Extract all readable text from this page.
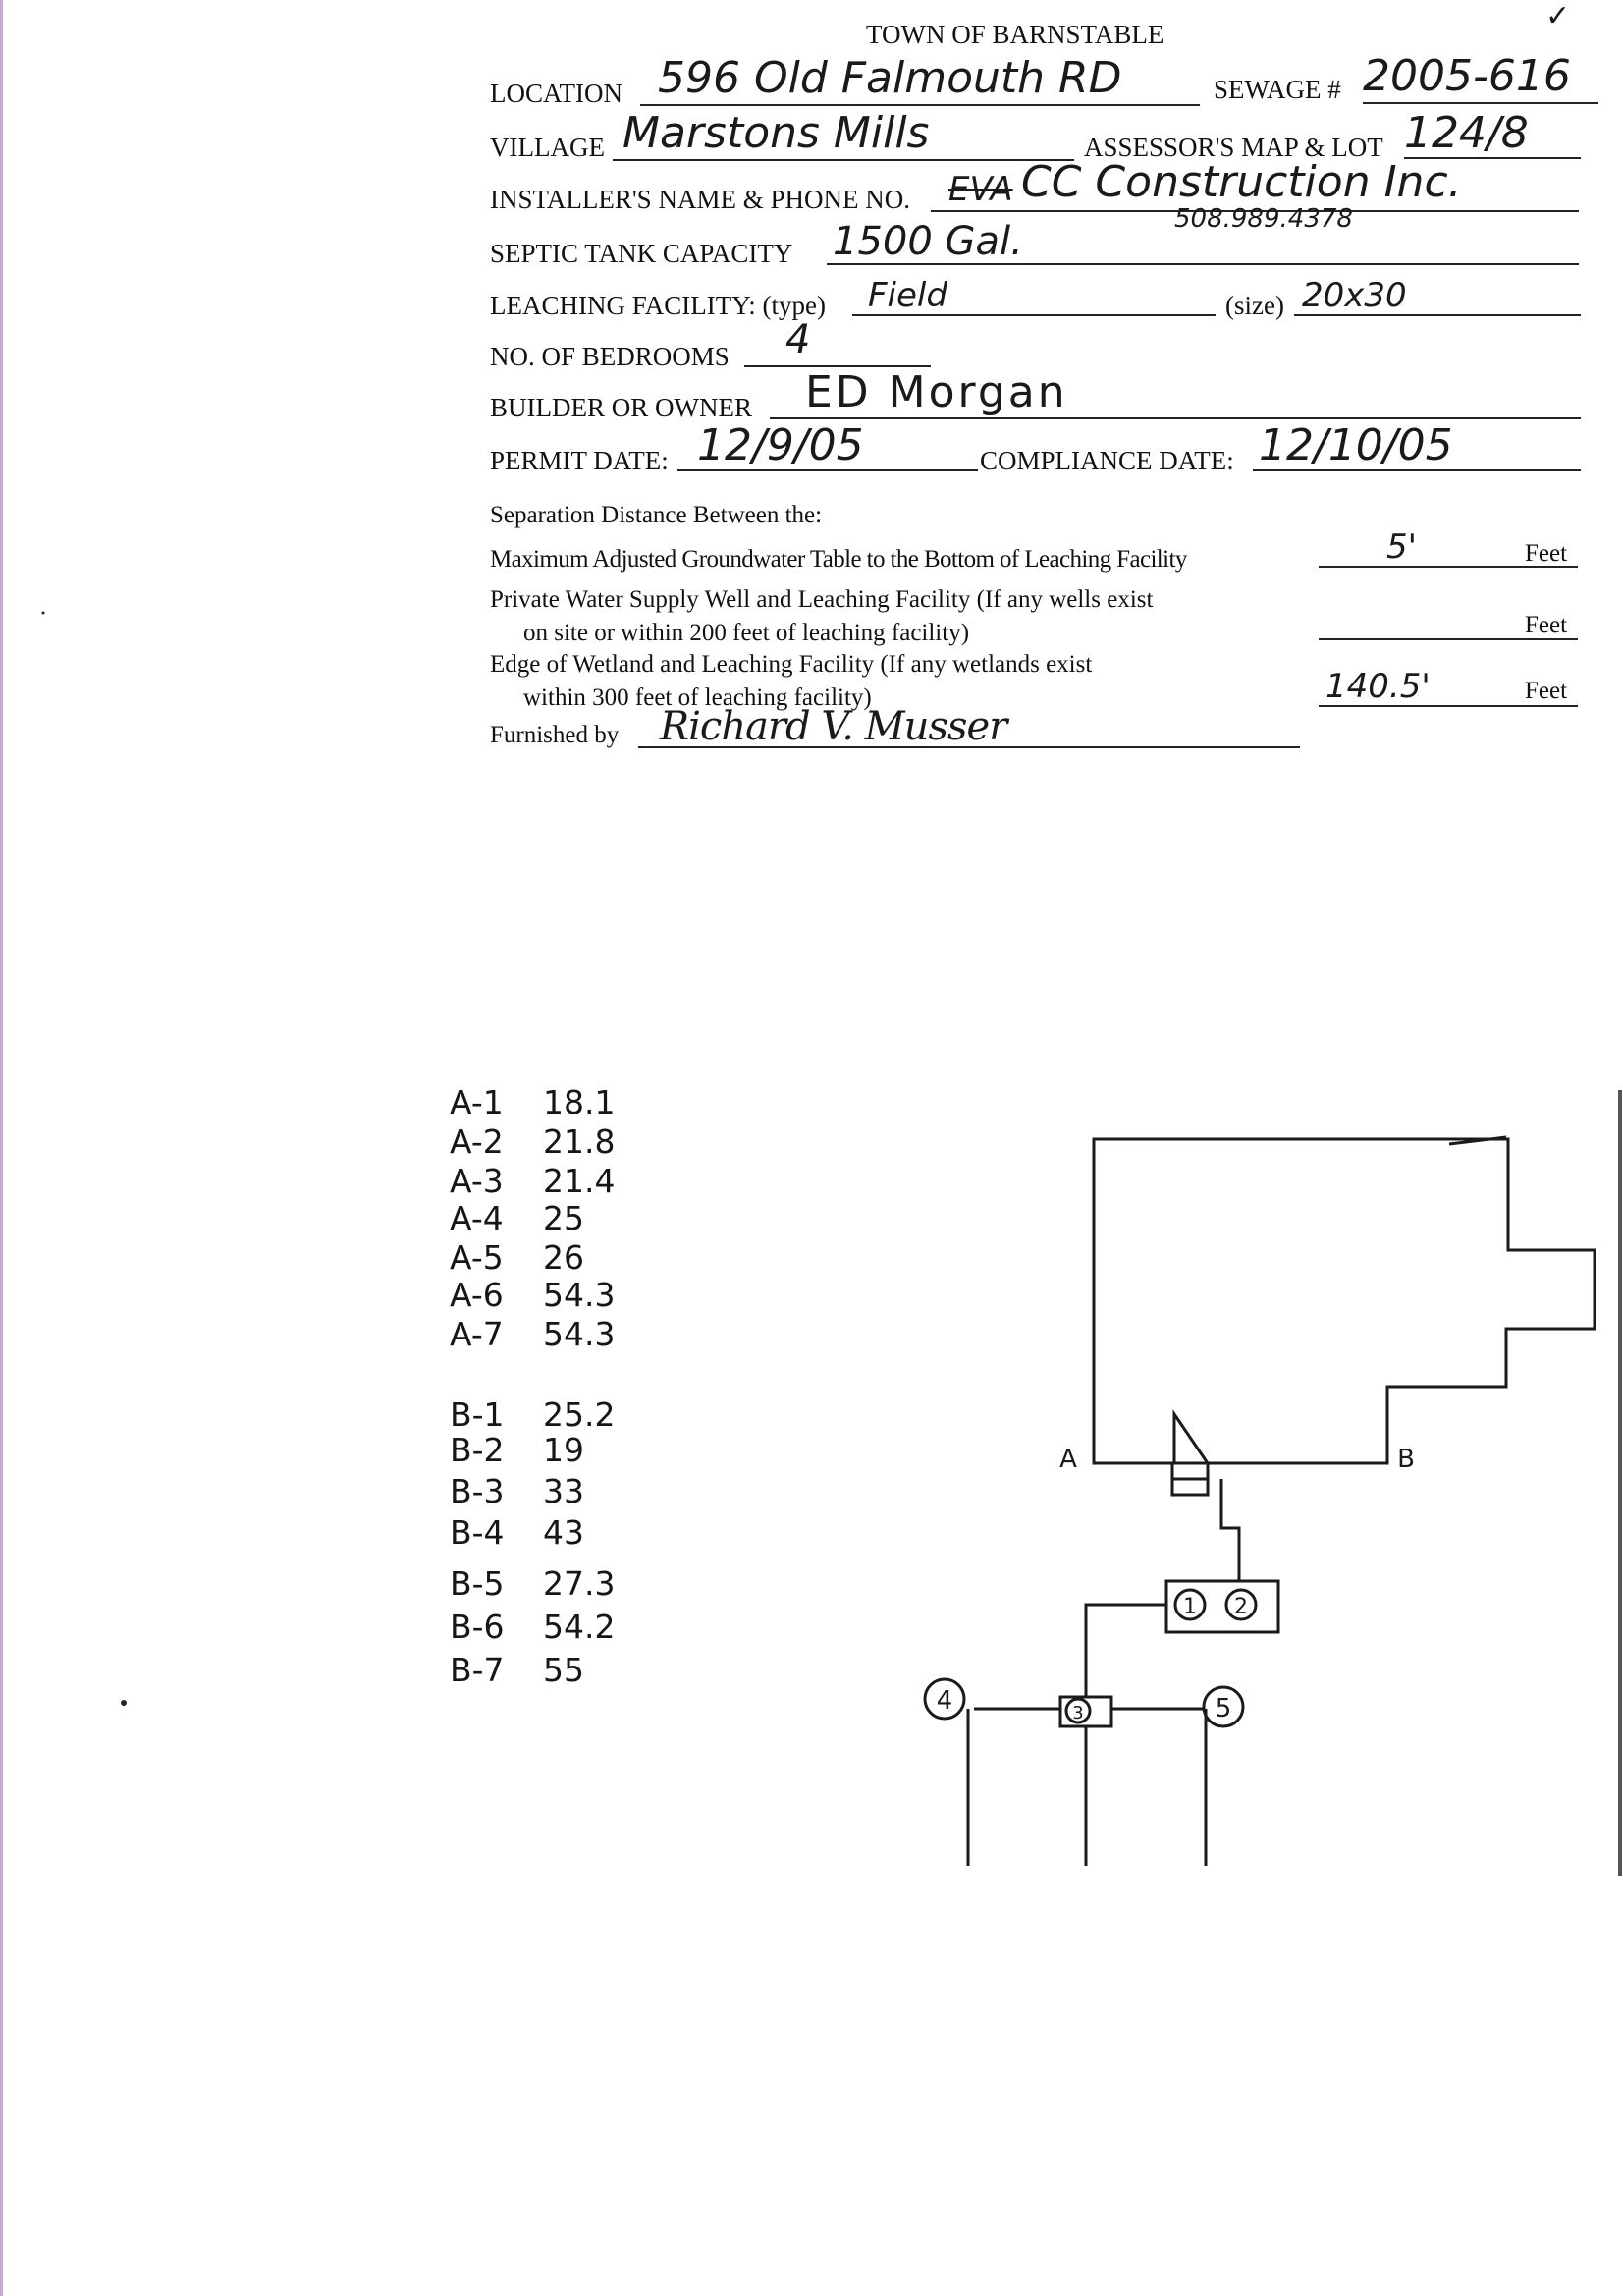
TOWN OF BARNSTABLE
✓
LOCATION 596 Old Falmouth RD	SEWAGE # 2005-616
VILLAGE Marstons Mills	ASSESSOR'S MAP & LOT 124/8
INSTALLER'S NAME & PHONE NO. EVA CC Construction Inc.
508.989.4378
SEPTIC TANK CAPACITY 1500 Gal.
LEACHING FACILITY: (type) Field	(size) 20x30
NO. OF BEDROOMS 4
BUILDER OR OWNER ED Morgan
PERMIT DATE: 12/9/05	COMPLIANCE DATE: 12/10/05
Separation Distance Between the:
Maximum Adjusted Groundwater Table to the Bottom of Leaching Facility	5'	Feet
Private Water Supply Well and Leaching Facility (If any wells exist
on site or within 200 feet of leaching facility)	Feet
Edge of Wetland and Leaching Facility (If any wetlands exist
within 300 feet of leaching facility)	140.5'	Feet
Furnished by Richard V. Musser
A-1 18.1
A-2 21.8
A-3 21.4
A-4 25
A-5 26
A-6 54.3
A-7 54.3
B-1 25.2
B-2 19
B-3 33
B-4 43
B-5 27.3
B-6 54.2
B-7 55
A	B
1 2
3
4	5
